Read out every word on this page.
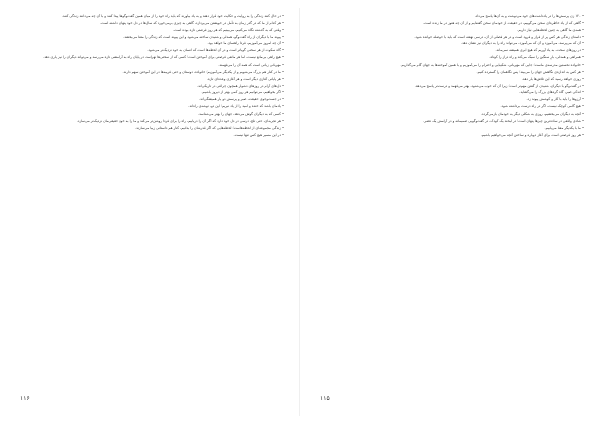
• در حال کنند زندگی را به ‌روایت و حکایت خود قرار دهند و به یاد بیاورند که باید راه خود را از میان همین گفت‌وگوها پیدا کنند و با آن چه می‌دانند زندگی کنند.

• هر کدام از ما که در گذر زمان به تأمل در خویشتن می‌پردازد، گاهی به چیزی برمی‌خورد که سال‌ها در دل خود پنهان داشته است.

• وقتی که به گذشته نگاه می‌کنیم، می‌بینیم که هر روز فرصتی تازه بوده است.

• پیوند ما با دیگران از راه گفت‌وگو، همدلی و شنیدن ساخته می‌شود و این پیوند است که زندگی را معنا می‌بخشد.

• آن چه امروز می‌آموزیم، فردا راهنمای ما خواهد بود.

• گاه سکوت از هر سخنی گویاتر است و در آن لحظه‌ها است که انسان به خود نزدیک‌تر می‌شود.

• هیچ راهی بی‌مانع نیست، اما هر مانعی فرصتی برای آموختن است؛ کسی که از سختی‌ها نهراسد، در پایان راه به آرامشی تازه می‌رسد و می‌تواند دیگران را نیز یاری دهد.

• مهربانی زبانی است که همه آن را می‌فهمند.

• ما در کنار هم بزرگ می‌شویم و از یکدیگر می‌آموزیم؛ خانواده، دوستان و حتی غریبه‌ها در این آموختن سهم دارند.

• هر پایانی آغازی دیگر است و هر آغازی وعده‌ای تازه.

• دل‌های آرام در روزهای دشوار همچون چراغی در تاریکی‌اند.

• اگر بخواهیم، می‌توانیم هر روز کمی بهتر از دیروز باشیم.

• در جست‌وجوی حقیقت، صبر و پرسش دو یار همیشگی‌اند.

• یادمان باشد که خنده و امید را از یاد نبریم؛ این دو، توشه‌ی راه‌اند.

• کسی که به دیگران گوش می‌دهد، جهان را بهتر می‌شناسد.

• هر تجربه‌ای، حتی تلخ، درسی در دل خود دارد که اگر آن را دریابیم، راه را برای فردا روشن‌تر می‌کند و ما را به خودِ حقیقی‌مان نزدیک‌تر می‌سازد.

• زندگی مجموعه‌ای از لحظه‌هاست؛ لحظه‌هایی که اگر قدرشان را بدانیم، کنار هم داستانی زیبا می‌سازند.

• در این مسیر هیچ کس تنها نیست.

۱۱۶

• ۱۲۰ زن پرسش‌ها را در یادداشت‌های خود می‌نوشت و به آن‌ها پاسخ می‌داد.

• گاهی که از یاد خاطره‌ای سخن می‌گوییم، در حقیقت از خودمان سخن گفته‌ایم و از آن چه هنوز در ما زنده است.

• همه‌ی ما گاهی به چنین لحظه‌هایی نیاز داریم.

• داستان زندگی هر کس پر از فراز و فرود است و در هر فصلی از آن، درسی نهفته است که باید با حوصله خوانده شود.

• آن که می‌پرسد، می‌آموزد و آن که می‌آموزد، می‌تواند راه را به دیگران نیز نشان دهد.

• در روزهای سخت، به یاد آوریم که هیچ ابری همیشه نمی‌ماند.

• همراهی و همدلی، بارِ سنگین را سبک می‌کند و راه دراز را کوتاه.

• خانواده نخستین مدرسه‌ی ماست؛ جایی که مهربانی، شکیبایی و احترام را می‌آموزیم و با همین آموخته‌ها به جهان گام می‌گذاریم.

• هر کس به اندازه‌ی نگاهش جهان را می‌بیند؛ پس نگاهمان را گسترده کنیم.

• روزی خواهد رسید که این تلاش‌ها بار دهد.

• در گفت‌وگو با دیگران، شنیدن از گفتن مهم‌تر است؛ زیرا آن که خوب می‌شنود، بهتر می‌فهمد و درست‌تر پاسخ می‌دهد.

• اندکی صبر، گاه گره‌های بزرگ را می‌گشاید.

• آرزوها را باید با کار و کوشش پیوند زد.

• هیچ گامی کوچک نیست، اگر در راه درست برداشته شود.

• آنچه به دیگران می‌بخشیم، روزی به شکلی دیگر به خودمان بازمی‌گردد.

• شادی واقعی در ساده‌ترین چیزها پنهان است؛ در لبخند یک کودک، در گفت‌وگویی صمیمانه و در آرامش یک عصر.

• ما با یکدیگر معنا می‌یابیم.

• هر روز فرصتی است برای آغاز دوباره و ساختن آنچه می‌خواهیم باشیم.

۱۱۵
